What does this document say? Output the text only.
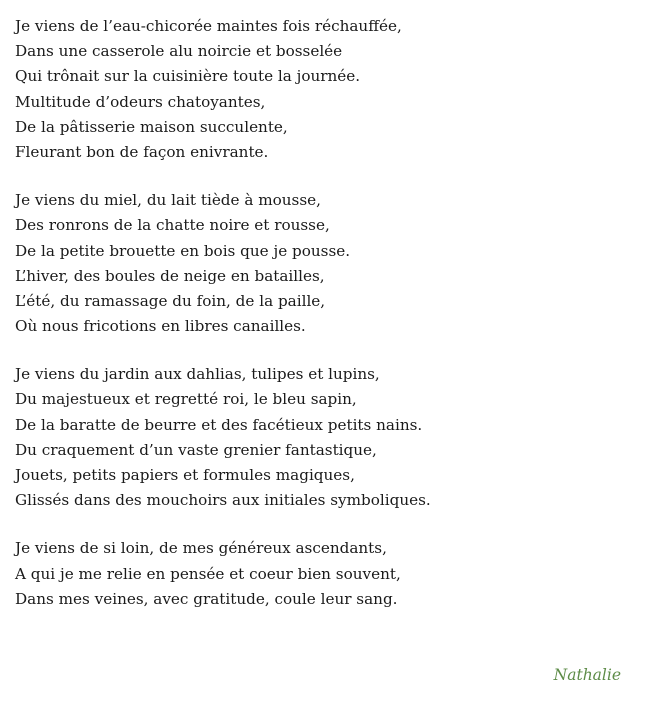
Je viens de l’eau-chicorée maintes fois réchauffée,
Dans une casserole alu noircie et bosselée
Qui trônait sur la cuisinière toute la journée.
Multitude d’odeurs chatoyantes,
De la pâtisserie maison succulente,
Fleurant bon de façon enivrante.
Je viens du miel, du lait tiède à mousse,
Des ronrons de la chatte noire et rousse,
De la petite brouette en bois que je pousse.
L’hiver, des boules de neige en batailles,
L’été, du ramassage du foin, de la paille,
Où nous fricotions en libres canailles.
Je viens du jardin aux dahlias, tulipes et lupins,
Du majestueux et regretté roi, le bleu sapin,
De la baratte de beurre et des facétieux petits nains.
Du craquement d’un vaste grenier fantastique,
Jouets, petits papiers et formules magiques,
Glissés dans des mouchoirs aux initiales symboliques.
Je viens de si loin, de mes généreux ascendants,
A qui je me relie en pensée et coeur bien souvent,
Dans mes veines, avec gratitude, coule leur sang.
Nathalie
